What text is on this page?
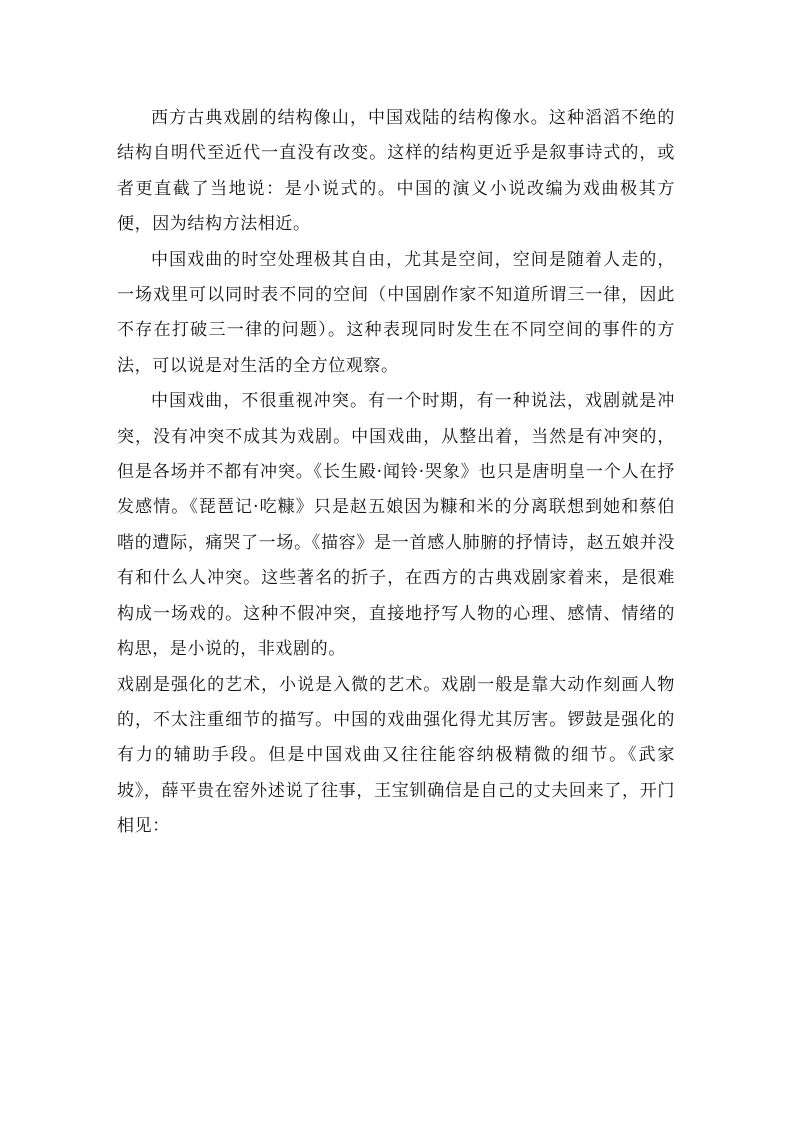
西方古典戏剧的结构像山，中国戏陆的结构像水。这种滔滔不绝的结构自明代至近代一直没有改变。这样的结构更近乎是叙事诗式的，或者更直截了当地说：是小说式的。中国的演义小说改编为戏曲极其方便，因为结构方法相近。

中国戏曲的时空处理极其自由，尤其是空间，空间是随着人走的，一场戏里可以同时表不同的空间（中国剧作家不知道所谓三一律，因此不存在打破三一律的问题）。这种表现同时发生在不同空间的事件的方法，可以说是对生活的全方位观察。

中国戏曲，不很重视冲突。有一个时期，有一种说法，戏剧就是冲突，没有冲突不成其为戏剧。中国戏曲，从整出着，当然是有冲突的，但是各场并不都有冲突。《长生殿·闻铃·哭象》也只是唐明皇一个人在抒发感情。《琵琶记·吃糠》只是赵五娘因为糠和米的分离联想到她和蔡伯喈的遭际，痛哭了一场。《描容》是一首感人肺腑的抒情诗，赵五娘并没有和什么人冲突。这些著名的折子，在西方的古典戏剧家着来，是很难构成一场戏的。这种不假冲突，直接地抒写人物的心理、感情、情绪的构思，是小说的，非戏剧的。

戏剧是强化的艺术，小说是入微的艺术。戏剧一般是靠大动作刻画人物的，不太注重细节的描写。中国的戏曲强化得尤其厉害。锣鼓是强化的有力的辅助手段。但是中国戏曲又往往能容纳极精微的细节。《武家坡》，薛平贵在窑外述说了往事，王宝钏确信是自己的丈夫回来了，开门相见：
